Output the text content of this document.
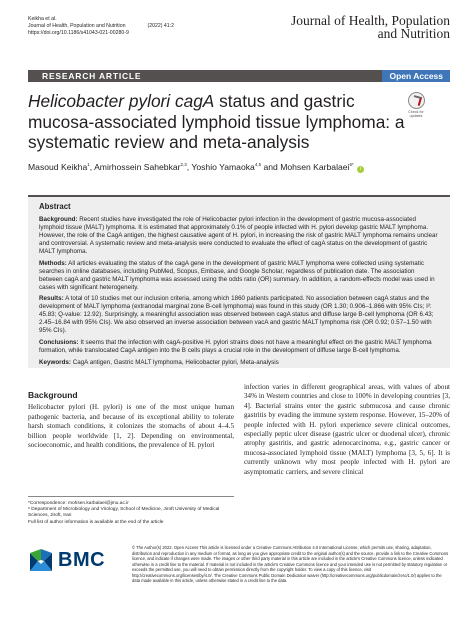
Keikha et al.
Journal of Health, Population and Nutrition	(2022) 41:2
https://doi.org/10.1186/s41043-021-00280-9
Journal of Health, Population and Nutrition
RESEARCH ARTICLE	Open Access
Helicobacter pylori cagA status and gastric mucosa-associated lymphoid tissue lymphoma: a systematic review and meta-analysis
Check for updates
Masoud Keikha$^1$, Amirhossein Sahebkar$^{2,3}$, Yoshio Yamaoka$^{4,5}$ and Mohsen Karbalaei$^{6*}$ i
Abstract

Background: Recent studies have investigated the role of Helicobacter pylori infection in the development of gastric mucosa-associated lymphoid tissue (MALT) lymphoma. It is estimated that approximately 0.1% of people infected with H. pylori develop gastric MALT lymphoma. However, the role of the CagA antigen, the highest causative agent of H. pylori, in increasing the risk of gastric MALT lymphoma remains unclear and controversial. A systematic review and meta-analysis were conducted to evaluate the effect of cagA status on the development of gastric MALT lymphoma.

Methods: All articles evaluating the status of the cagA gene in the development of gastric MALT lymphoma were collected using systematic searches in online databases, including PubMed, Scopus, Embase, and Google Scholar, regardless of publication date. The association between cagA and gastric MALT lymphoma was assessed using the odds ratio (OR) summary. In addition, a random-effects model was used in cases with significant heterogeneity.

Results: A total of 10 studies met our inclusion criteria, among which 1860 patients participated. No association between cagA status and the development of MALT lymphoma (extranodal marginal zone B-cell lymphoma) was found in this study (OR 1.30; 0.906–1.866 with 95% CIs; I²: 45.83; Q-value: 12.92). Surprisingly, a meaningful association was observed between cagA status and diffuse large B-cell lymphoma (OR 6.43; 2.45–16.84 with 95% CIs). We also observed an inverse association between vacA and gastric MALT lymphoma risk (OR 0.92; 0.57–1.50 with 95% CIs).

Conclusions: It seems that the infection with cagA-positive H. pylori strains does not have a meaningful effect on the gastric MALT lymphoma formation, while translocated CagA antigen into the B cells plays a crucial role in the development of diffuse large B-cell lymphoma.

Keywords: CagA antigen, Gastric MALT lymphoma, Helicobacter pylori, Meta-analysis

Background

Helicobacter pylori (H. pylori) is one of the most unique human pathogenic bacteria, and because of its exceptional ability to tolerate harsh stomach conditions, it colonizes the stomachs of about 4–4.5 billion people worldwide [1, 2]. Depending on environmental, socioeconomic, and health conditions, the prevalence of H. pylori

infection varies in different geographical areas, with values of about 34% in Western countries and close to 100% in developing countries [3, 4]. Bacterial strains enter the gastric submucosa and cause chronic gastritis by evading the immune system response. However, 15–20% of people infected with H. pylori experience severe clinical outcomes, especially peptic ulcer disease (gastric ulcer or duodenal ulcer), chronic atrophy gastritis, and gastric adenocarcinoma, e.g., gastric cancer or mucosa-associated lymphoid tissue (MALT) lymphoma [3, 5, 6]. It is currently unknown why most people infected with H. pylori are asymptomatic carriers, and severe clinical

*Correspondence: mohsen.karbalaei@jmu.ac.ir
⁶ Department of Microbiology and Virology, School of Medicine, Jiroft University of Medical Sciences, Jiroft, Iran
Full list of author information is available at the end of the article
BMC
© The Author(s) 2022. Open Access This article is licensed under a Creative Commons Attribution 4.0 International License, which permits use, sharing, adaptation, distribution and reproduction in any medium or format, as long as you give appropriate credit to the original author(s) and the source, provide a link to the Creative Commons licence, and indicate if changes were made. The images or other third party material in this article are included in the article's Creative Commons licence, unless indicated otherwise in a credit line to the material. If material is not included in the article's Creative Commons licence and your intended use is not permitted by statutory regulation or exceeds the permitted use, you will need to obtain permission directly from the copyright holder. To view a copy of this licence, visit http://creativecommons.org/licenses/by/4.0/. The Creative Commons Public Domain Dedication waiver (http://creativecommons.org/publicdomain/zero/1.0/) applies to the data made available in this article, unless otherwise stated in a credit line to the data.
